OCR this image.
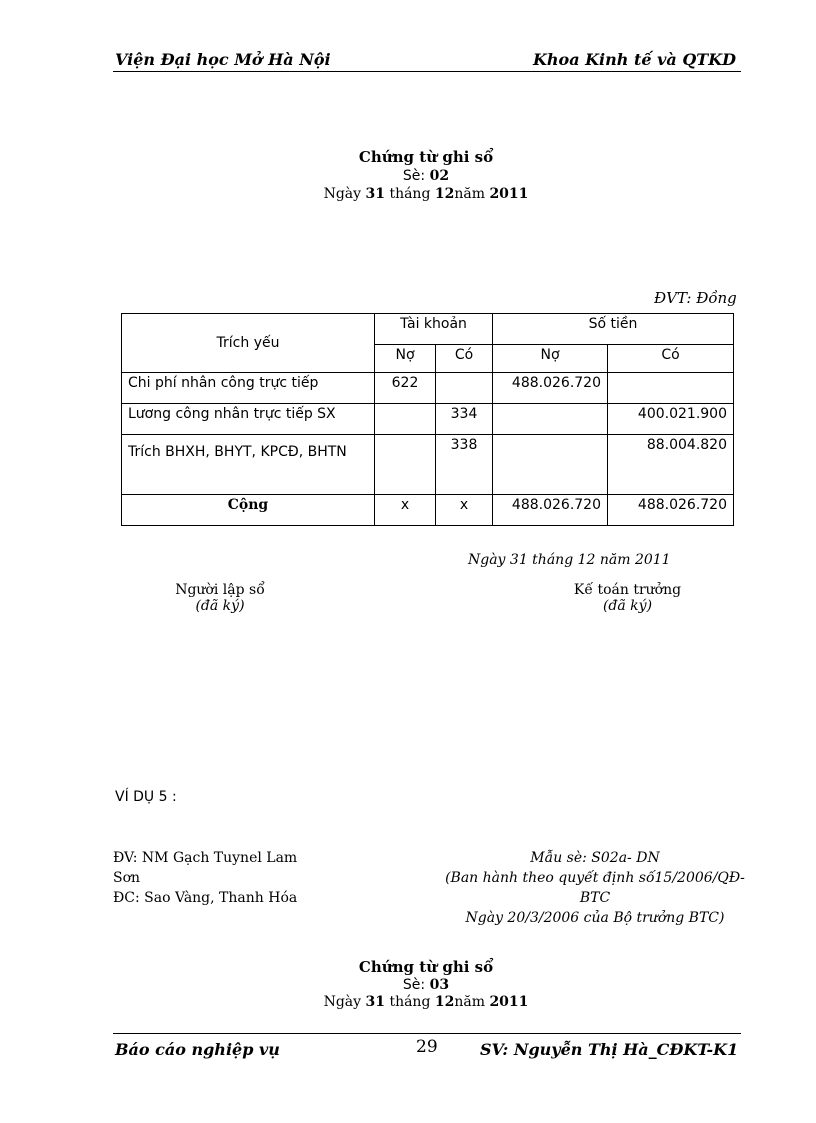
Viện Đại học Mở Hà Nội	Khoa Kinh tế và QTKD
Chứng từ ghi sổ
Sè: 02
Ngày 31 tháng 12năm 2011
ĐVT: Đồng
Trích yếu	Tài khoản		Số tiền	
	Nợ	Có	Nợ	Có
Chi phí nhân công trực tiếp	622		488.026.720	
Lương công nhân trực tiếp SX		334		400.021.900
Trích BHXH, BHYT, KPCĐ, BHTN		338		88.004.820
Cộng	x	x	488.026.720	488.026.720
Ngày 31 tháng 12 năm 2011
Người lập sổ
(đã ký)
Kế toán trưởng
(đã ký)
VÍ DỤ 5 :
ĐV: NM Gạch Tuynel Lam
Sơn
ĐC: Sao Vàng, Thanh Hóa
Mẫu sè: S02a- DN
(Ban hành theo quyết định số15/2006/QĐ-
BTC
Ngày 20/3/2006 của Bộ trưởng BTC)
Chứng từ ghi sổ
Sè: 03
Ngày 31 tháng 12năm 2011
Báo cáo nghiệp vụ	29	SV: Nguyễn Thị Hà_CĐKT-K1
